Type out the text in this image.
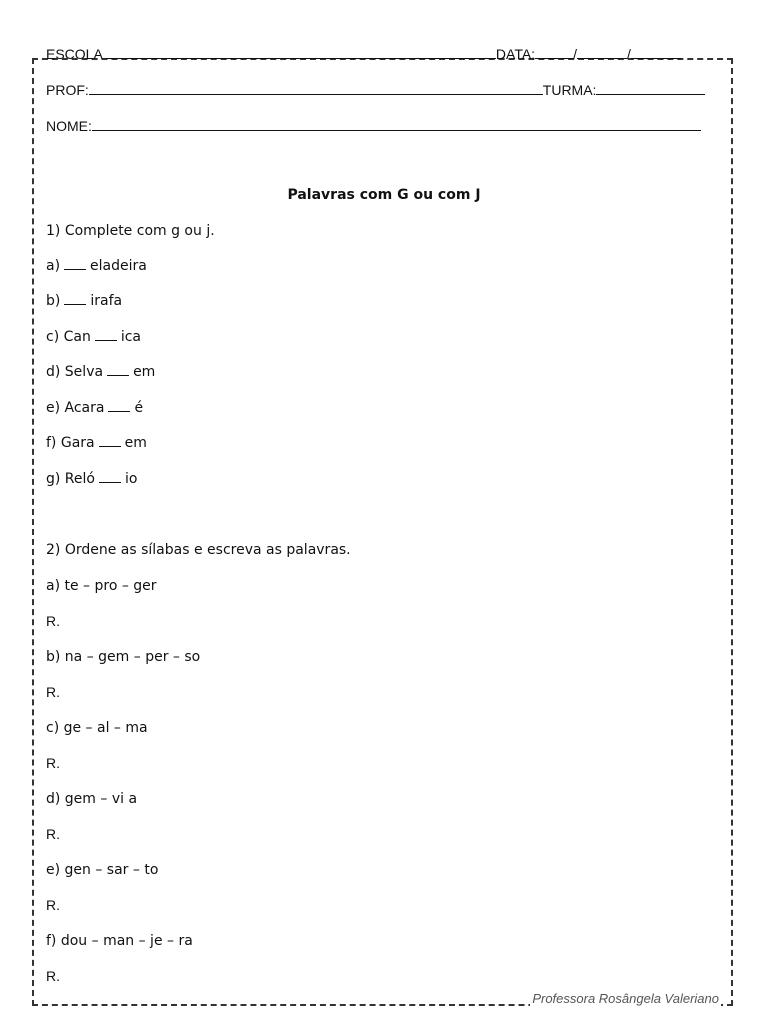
ESCOLA	DATA:	/	/
PROF:	TURMA:
NOME:
Palavras com G ou com J
1) Complete com g ou j.
a) eladeira
b) irafa
c) Can ica
d) Selva em
e) Acara é
f) Gara em
g) Reló io
2) Ordene as sílabas e escreva as palavras.
a) te – pro – ger
R.
b) na – gem – per – so
R.
c) ge – al – ma
R.
d) gem – vi a
R.
e) gen – sar – to
R.
f) dou – man – je – ra
R.
Professora Rosângela Valeriano
